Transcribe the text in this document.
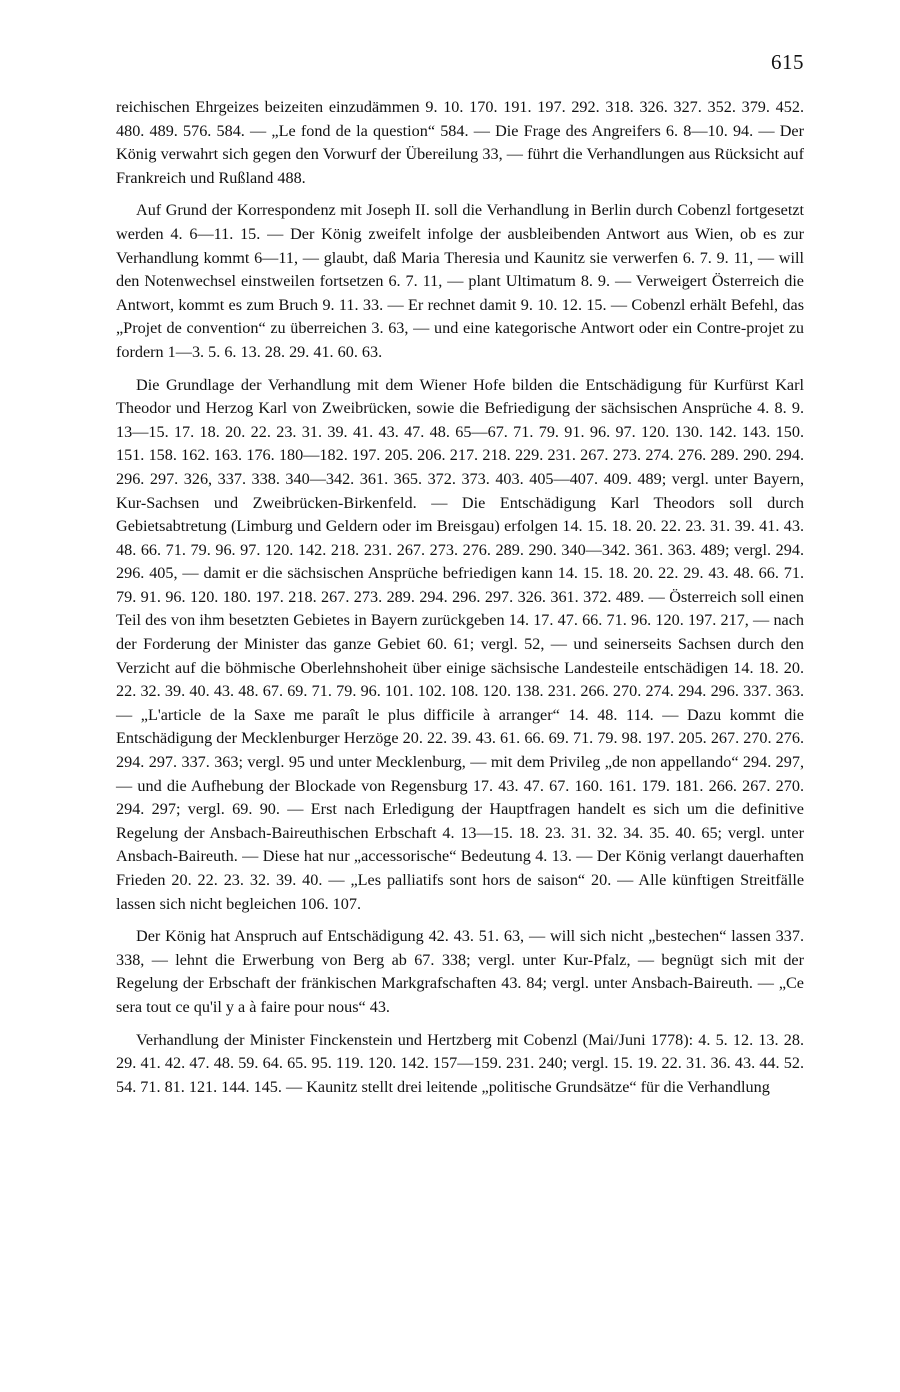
615

reichischen Ehrgeizes beizeiten einzudämmen 9. 10. 170. 191. 197. 292. 318. 326. 327. 352. 379. 452. 480. 489. 576. 584. — „Le fond de la question“ 584. — Die Frage des Angreifers 6. 8—10. 94. — Der König verwahrt sich gegen den Vorwurf der Übereilung 33, — führt die Verhandlungen aus Rücksicht auf Frankreich und Rußland 488.

Auf Grund der Korrespondenz mit Joseph II. soll die Verhandlung in Berlin durch Cobenzl fortgesetzt werden 4. 6—11. 15. — Der König zweifelt infolge der ausbleibenden Antwort aus Wien, ob es zur Verhandlung kommt 6—11, — glaubt, daß Maria Theresia und Kaunitz sie verwerfen 6. 7. 9. 11, — will den Notenwechsel einstweilen fortsetzen 6. 7. 11, — plant Ultimatum 8. 9. — Verweigert Österreich die Antwort, kommt es zum Bruch 9. 11. 33. — Er rechnet damit 9. 10. 12. 15. — Cobenzl erhält Befehl, das „Projet de convention“ zu überreichen 3. 63, — und eine kategorische Antwort oder ein Contre-projet zu fordern 1—3. 5. 6. 13. 28. 29. 41. 60. 63.

Die Grundlage der Verhandlung mit dem Wiener Hofe bilden die Entschädigung für Kurfürst Karl Theodor und Herzog Karl von Zweibrücken, sowie die Befriedigung der sächsischen Ansprüche 4. 8. 9. 13—15. 17. 18. 20. 22. 23. 31. 39. 41. 43. 47. 48. 65—67. 71. 79. 91. 96. 97. 120. 130. 142. 143. 150. 151. 158. 162. 163. 176. 180—182. 197. 205. 206. 217. 218. 229. 231. 267. 273. 274. 276. 289. 290. 294. 296. 297. 326, 337. 338. 340—342. 361. 365. 372. 373. 403. 405—407. 409. 489; vergl. unter Bayern, Kur-Sachsen und Zweibrücken-Birkenfeld. — Die Entschädigung Karl Theodors soll durch Gebietsabtretung (Limburg und Geldern oder im Breisgau) erfolgen 14. 15. 18. 20. 22. 23. 31. 39. 41. 43. 48. 66. 71. 79. 96. 97. 120. 142. 218. 231. 267. 273. 276. 289. 290. 340—342. 361. 363. 489; vergl. 294. 296. 405, — damit er die sächsischen Ansprüche befriedigen kann 14. 15. 18. 20. 22. 29. 43. 48. 66. 71. 79. 91. 96. 120. 180. 197. 218. 267. 273. 289. 294. 296. 297. 326. 361. 372. 489. — Österreich soll einen Teil des von ihm besetzten Gebietes in Bayern zurückgeben 14. 17. 47. 66. 71. 96. 120. 197. 217, — nach der Forderung der Minister das ganze Gebiet 60. 61; vergl. 52, — und seinerseits Sachsen durch den Verzicht auf die böhmische Oberlehnshoheit über einige sächsische Landesteile entschädigen 14. 18. 20. 22. 32. 39. 40. 43. 48. 67. 69. 71. 79. 96. 101. 102. 108. 120. 138. 231. 266. 270. 274. 294. 296. 337. 363. — „L'article de la Saxe me paraît le plus difficile à arranger“ 14. 48. 114. — Dazu kommt die Entschädigung der Mecklenburger Herzöge 20. 22. 39. 43. 61. 66. 69. 71. 79. 98. 197. 205. 267. 270. 276. 294. 297. 337. 363; vergl. 95 und unter Mecklenburg, — mit dem Privileg „de non appellando“ 294. 297, — und die Aufhebung der Blockade von Regensburg 17. 43. 47. 67. 160. 161. 179. 181. 266. 267. 270. 294. 297; vergl. 69. 90. — Erst nach Erledigung der Hauptfragen handelt es sich um die definitive Regelung der Ansbach-Baireuthischen Erbschaft 4. 13—15. 18. 23. 31. 32. 34. 35. 40. 65; vergl. unter Ansbach-Baireuth. — Diese hat nur „accessorische“ Bedeutung 4. 13. — Der König verlangt dauerhaften Frieden 20. 22. 23. 32. 39. 40. — „Les palliatifs sont hors de saison“ 20. — Alle künftigen Streitfälle lassen sich nicht begleichen 106. 107.

Der König hat Anspruch auf Entschädigung 42. 43. 51. 63, — will sich nicht „bestechen“ lassen 337. 338, — lehnt die Erwerbung von Berg ab 67. 338; vergl. unter Kur-Pfalz, — begnügt sich mit der Regelung der Erbschaft der fränkischen Markgrafschaften 43. 84; vergl. unter Ansbach-Baireuth. — „Ce sera tout ce qu'il y a à faire pour nous“ 43.

Verhandlung der Minister Finckenstein und Hertzberg mit Cobenzl (Mai/Juni 1778): 4. 5. 12. 13. 28. 29. 41. 42. 47. 48. 59. 64. 65. 95. 119. 120. 142. 157—159. 231. 240; vergl. 15. 19. 22. 31. 36. 43. 44. 52. 54. 71. 81. 121. 144. 145. — Kaunitz stellt drei leitende „politische Grundsätze“ für die Verhandlung
